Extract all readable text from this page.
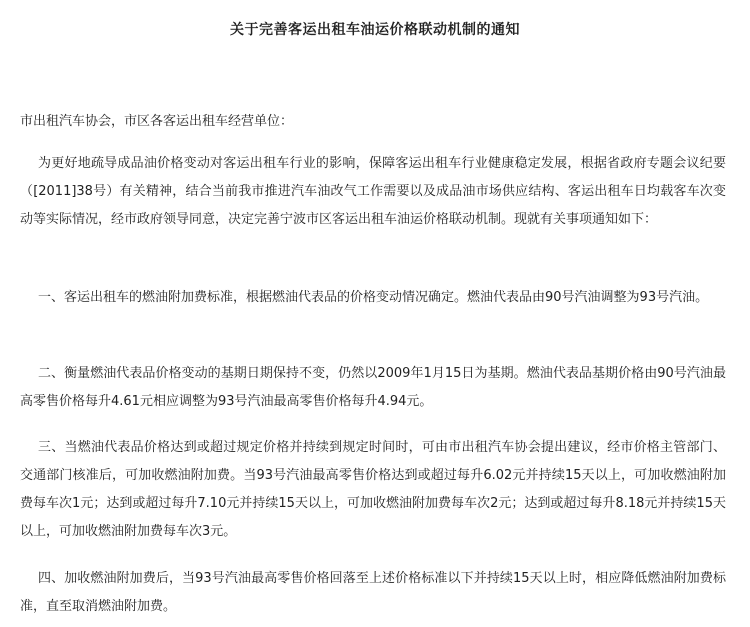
关于完善客运出租车油运价格联动机制的通知
市出租汽车协会，市区各客运出租车经营单位：

为更好地疏导成品油价格变动对客运出租车行业的影响，保障客运出租车行业健康稳定发展，根据省政府专题会议纪要（[2011]38号）有关精神，结合当前我市推进汽车油改气工作需要以及成品油市场供应结构、客运出租车日均载客车次变动等实际情况，经市政府领导同意，决定完善宁波市区客运出租车油运价格联动机制。现就有关事项通知如下：

一、客运出租车的燃油附加费标准，根据燃油代表品的价格变动情况确定。燃油代表品由90号汽油调整为93号汽油。

二、衡量燃油代表品价格变动的基期日期保持不变，仍然以2009年1月15日为基期。燃油代表品基期价格由90号汽油最高零售价格每升4.61元相应调整为93号汽油最高零售价格每升4.94元。

三、当燃油代表品价格达到或超过规定价格并持续到规定时间时，可由市出租汽车协会提出建议，经市价格主管部门、交通部门核准后，可加收燃油附加费。当93号汽油最高零售价格达到或超过每升6.02元并持续15天以上，可加收燃油附加费每车次1元；达到或超过每升7.10元并持续15天以上，可加收燃油附加费每车次2元；达到或超过每升8.18元并持续15天以上，可加收燃油附加费每车次3元。

四、加收燃油附加费后，当93号汽油最高零售价格回落至上述价格标准以下并持续15天以上时，相应降低燃油附加费标准，直至取消燃油附加费。
